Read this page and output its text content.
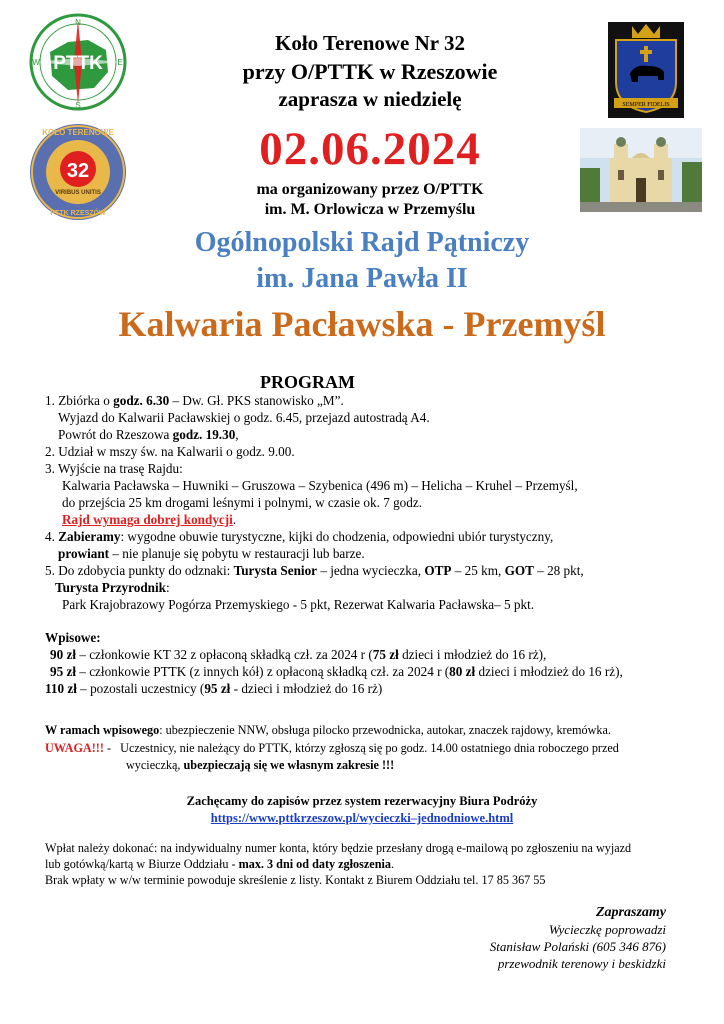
PTTK
N
E
S
W
32
VIRIBUS UNITIS
KOŁO TERENOWE
PTTK RZESZÓW
SEMPER FIDELIS
Koło Terenowe Nr 32
przy O/PTTK w Rzeszowie
zaprasza w niedzielę
02.06.2024
ma organizowany przez O/PTTK
im. M. Orlowicza w Przemyślu
Ogólnopolski Rajd Pątniczy
im. Jana Pawła II
Kalwaria Pacławska - Przemyśl
PROGRAM
1. Zbiórka o godz. 6.30 – Dw. Gł. PKS stanowisko „M”.
Wyjazd do Kalwarii Pacławskiej o godz. 6.45, przejazd autostradą A4.
Powrót do Rzeszowa godz. 19.30,
2. Udział w mszy św. na Kalwarii o godz. 9.00.
3. Wyjście na trasę Rajdu:
Kalwaria Pacławska – Huwniki – Gruszowa – Szybenica (496 m) – Helicha – Kruhel – Przemyśl,
do przejścia 25 km drogami leśnymi i polnymi, w czasie ok. 7 godz.
Rajd wymaga dobrej kondycji.
4. Zabieramy: wygodne obuwie turystyczne, kijki do chodzenia, odpowiedni ubiór turystyczny,
prowiant – nie planuje się pobytu w restauracji lub barze.
5. Do zdobycia punkty do odznaki: Turysta Senior – jedna wycieczka, OTP – 25 km, GOT – 28 pkt,
Turysta Przyrodnik:
Park Krajobrazowy Pogórza Przemyskiego - 5 pkt, Rezerwat Kalwaria Pacławska– 5 pkt.
Wpisowe:
90 zł – członkowie KT 32 z opłaconą składką czł. za 2024 r (75 zł dzieci i młodzież do 16 rż),
95 zł – członkowie PTTK (z innych kół) z opłaconą składką czł. za 2024 r (80 zł dzieci i młodzież do 16 rż),
110 zł – pozostali uczestnicy (95 zł - dzieci i młodzież do 16 rż)
W ramach wpisowego: ubezpieczenie NNW, obsługa pilocko przewodnicka, autokar, znaczek rajdowy, kremówka.
UWAGA!!! - Uczestnicy, nie należący do PTTK, którzy zgłoszą się po godz. 14.00 ostatniego dnia roboczego przed
wycieczką, ubezpieczają się we własnym zakresie !!!
Zachęcamy do zapisów przez system rezerwacyjny Biura Podróży
https://www.pttkrzeszow.pl/wycieczki–jednodniowe.html
Wpłat należy dokonać: na indywidualny numer konta, który będzie przesłany drogą e-mailową po zgłoszeniu na wyjazd
lub gotówką/kartą w Biurze Oddziału - max. 3 dni od daty zgłoszenia.
Brak wpłaty w w/w terminie powoduje skreślenie z listy. Kontakt z Biurem Oddziału tel. 17 85 367 55
Zapraszamy
Wycieczkę poprowadzi
Stanisław Polański (605 346 876)
przewodnik terenowy i beskidzki
